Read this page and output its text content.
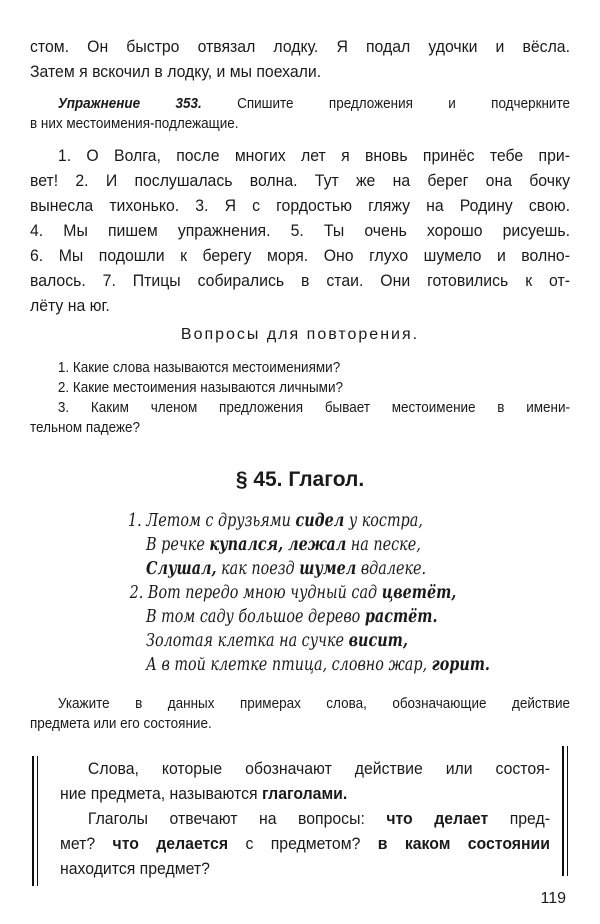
стом. Он быстро отвязал лодку. Я подал удочки и вёсла.
Затем я вскочил в лодку, и мы поехали.
Упражнение 353. Спишите предложения и подчеркните
в них местоимения-подлежащие.
1. О Волга, после многих лет я вновь принёс тебе при-
вет! 2. И послушалась волна. Тут же на берег она бочку
вынесла тихонько. 3. Я с гордостью гляжу на Родину свою.
4. Мы пишем упражнения. 5. Ты очень хорошо рисуешь.
6. Мы подошли к берегу моря. Оно глухо шумело и волно-
валось. 7. Птицы собирались в стаи. Они готовились к от-
лёту на юг.
Вопросы для повторения.
1. Какие слова называются местоимениями?
2. Какие местоимения называются личными?
3. Каким членом предложения бывает местоимение в имени-
тельном падеже?
§ 45. Глагол.
1. Летом с друзьями сидел у костра,
В речке купался, лежал на песке,
Слушал, как поезд шумел вдалеке.
2. Вот передо мною чудный сад цветёт,
В том саду большое дерево растёт.
Золотая клетка на сучке висит,
А в той клетке птица, словно жар, горит.
Укажите в данных примерах слова, обозначающие действие
предмета или его состояние.
Слова, которые обозначают действие или состоя-
ние предмета, называются глаголами.
Глаголы отвечают на вопросы: что делает пред-
мет? что делается с предметом? в каком состоянии
находится предмет?
119
